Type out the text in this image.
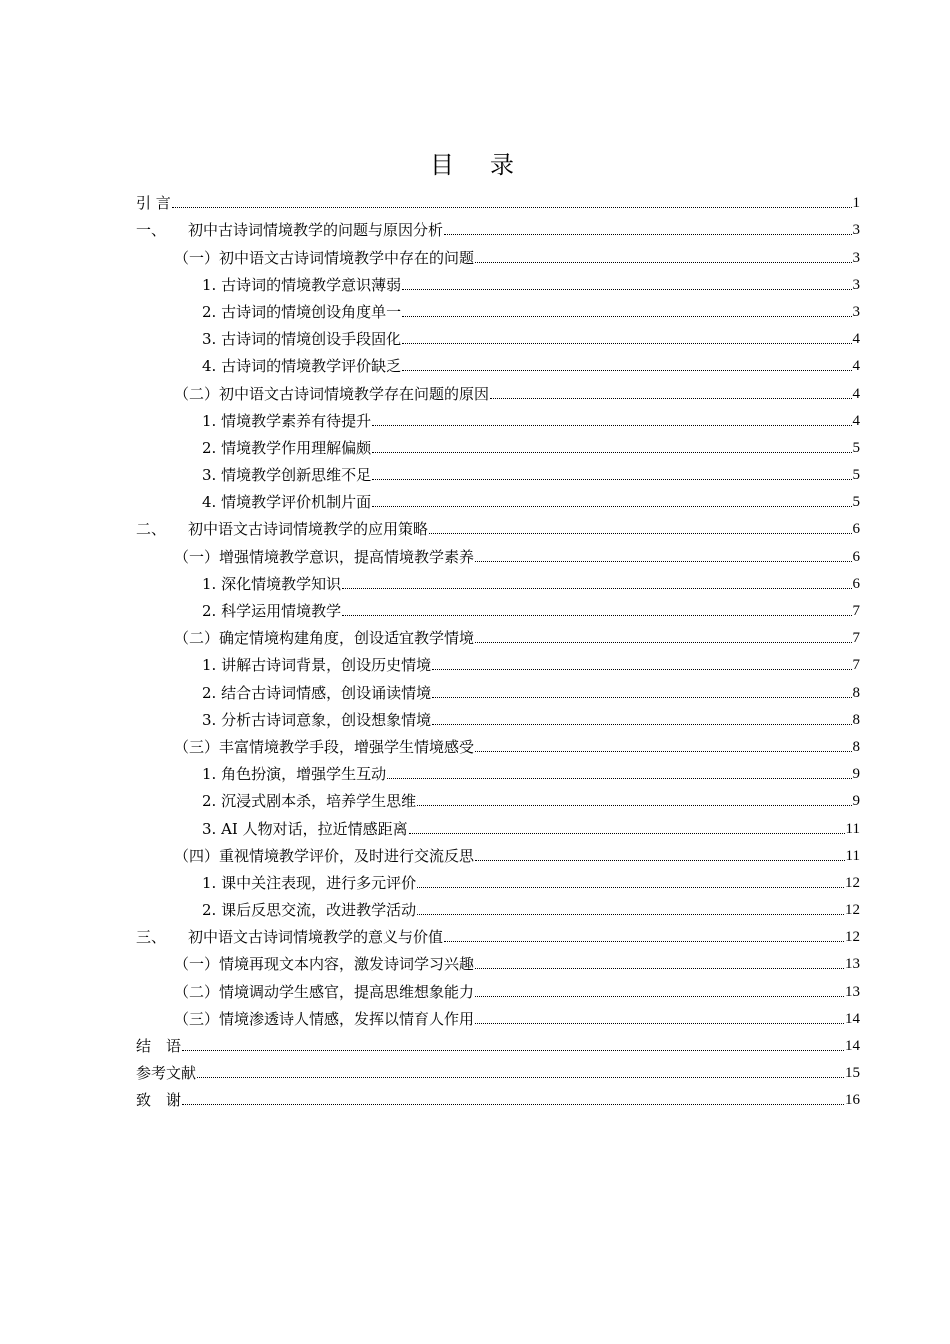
目　录
引 言	1
一、 初中古诗词情境教学的问题与原因分析	3
（一）初中语文古诗词情境教学中存在的问题	3
1. 古诗词的情境教学意识薄弱	3
2. 古诗词的情境创设角度单一	3
3. 古诗词的情境创设手段固化	4
4. 古诗词的情境教学评价缺乏	4
（二）初中语文古诗词情境教学存在问题的原因	4
1. 情境教学素养有待提升	4
2. 情境教学作用理解偏颇	5
3. 情境教学创新思维不足	5
4. 情境教学评价机制片面	5
二、 初中语文古诗词情境教学的应用策略	6
（一）增强情境教学意识，提高情境教学素养	6
1. 深化情境教学知识	6
2. 科学运用情境教学	7
（二）确定情境构建角度，创设适宜教学情境	7
1. 讲解古诗词背景，创设历史情境	7
2. 结合古诗词情感，创设诵读情境	8
3. 分析古诗词意象，创设想象情境	8
（三）丰富情境教学手段，增强学生情境感受	8
1. 角色扮演，增强学生互动	9
2. 沉浸式剧本杀，培养学生思维	9
3. AI 人物对话，拉近情感距离	11
（四）重视情境教学评价，及时进行交流反思	11
1. 课中关注表现，进行多元评价	12
2. 课后反思交流，改进教学活动	12
三、 初中语文古诗词情境教学的意义与价值	12
（一）情境再现文本内容，激发诗词学习兴趣	13
（二）情境调动学生感官，提高思维想象能力	13
（三）情境渗透诗人情感，发挥以情育人作用	14
结　语	14
参考文献	15
致　谢	16
